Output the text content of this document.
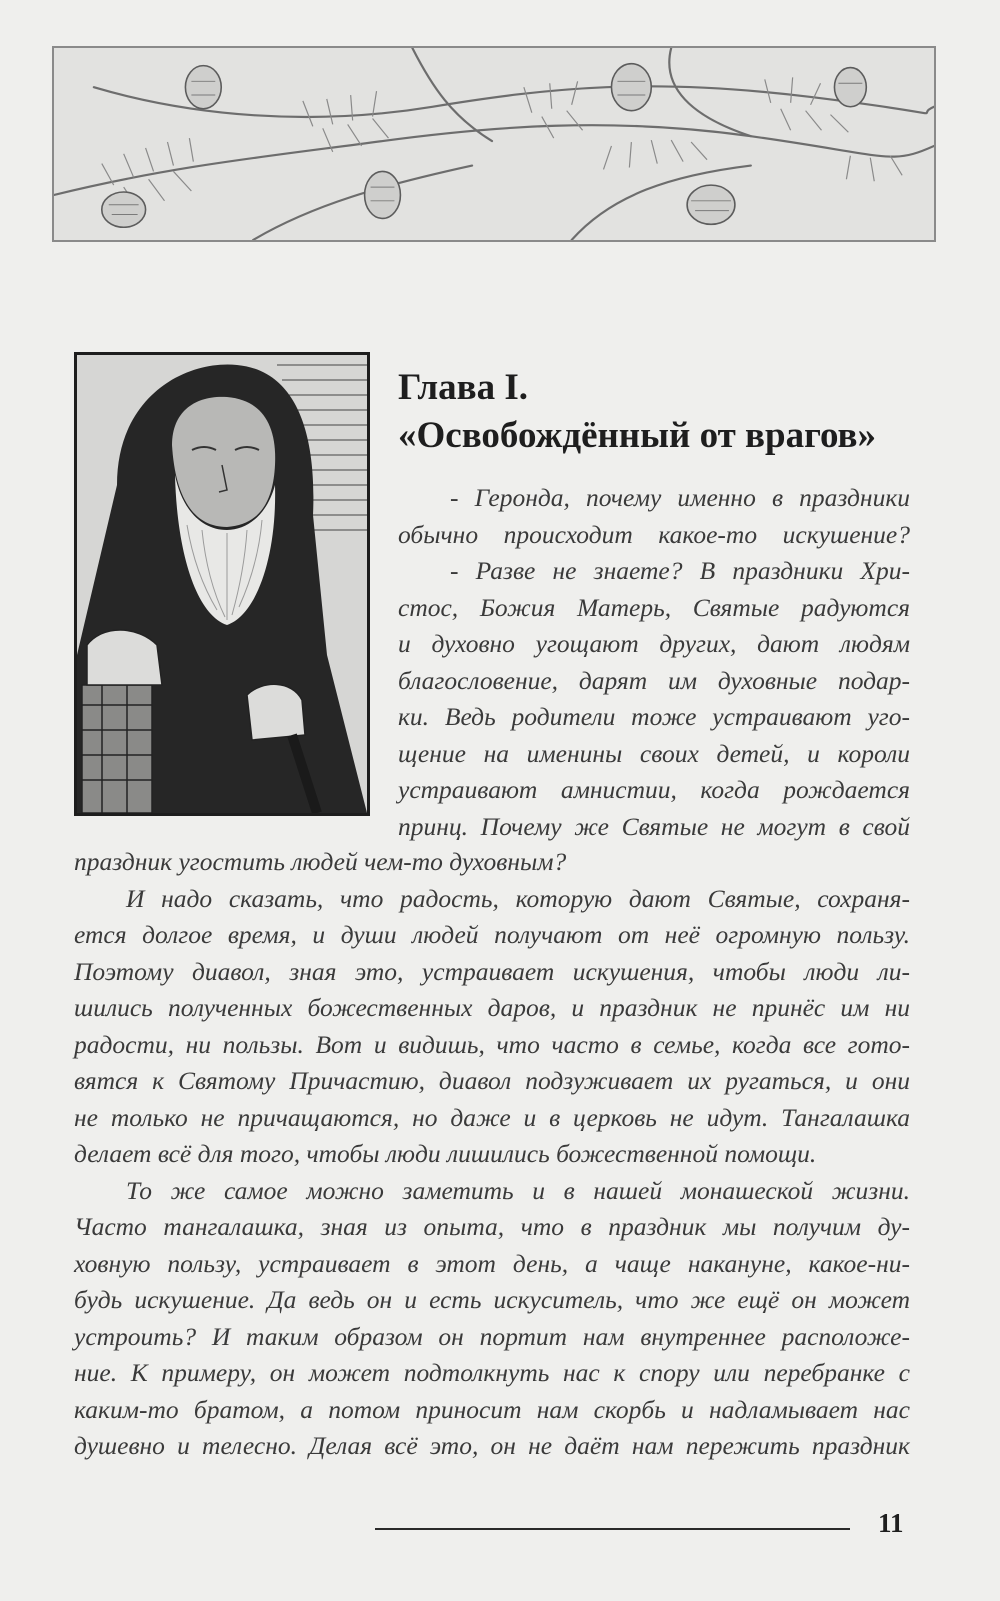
Глава I.
«Освобождённый от врагов»
- Геронда, почему именно в праздники
обычно происходит какое-то искушение?
- Разве не знаете? В праздники Хри-
стос, Божия Матерь, Святые радуются
и духовно угощают других, дают людям
благословение, дарят им духовные подар-
ки. Ведь родители тоже устраивают уго-
щение на именины своих детей, и короли
устраивают амнистии, когда рождается
принц. Почему же Святые не могут в свой
праздник угостить людей чем-то духовным?
И надо сказать, что радость, которую дают Святые, сохраня-
ется долгое время, и души людей получают от неё огромную пользу.
Поэтому диавол, зная это, устраивает искушения, чтобы люди ли-
шились полученных божественных даров, и праздник не принёс им ни
радости, ни пользы. Вот и видишь, что часто в семье, когда все гото-
вятся к Святому Причастию, диавол подзуживает их ругаться, и они
не только не причащаются, но даже и в церковь не идут. Тангалашка
делает всё для того, чтобы люди лишились божественной помощи.
То же самое можно заметить и в нашей монашеской жизни.
Часто тангалашка, зная из опыта, что в праздник мы получим ду-
ховную пользу, устраивает в этот день, а чаще накануне, какое-ни-
будь искушение. Да ведь он и есть искуситель, что же ещё он может
устроить? И таким образом он портит нам внутреннее расположе-
ние. К примеру, он может подтолкнуть нас к спору или перебранке с
каким-то братом, а потом приносит нам скорбь и надламывает нас
душевно и телесно. Делая всё это, он не даёт нам пережить праздник
11
